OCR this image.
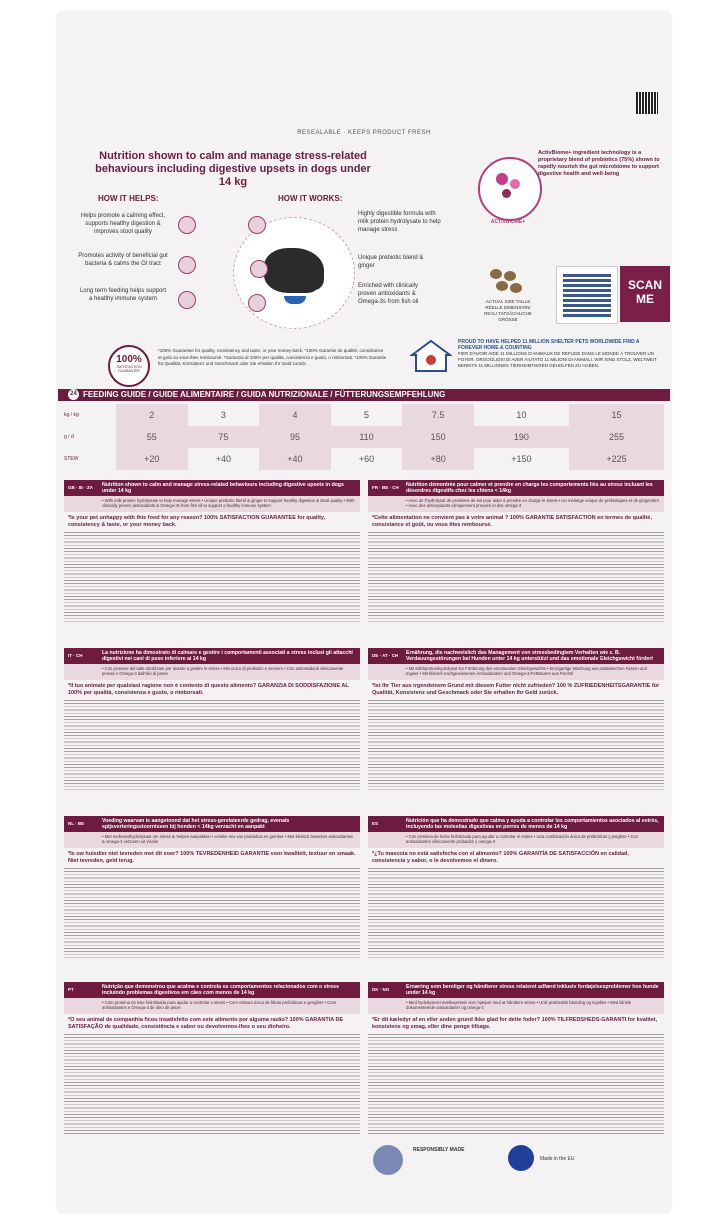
RESEALABLE · KEEPS PRODUCT FRESH
Nutrition shown to calm and manage stress-related behaviours including digestive upsets in dogs under 14 kg
HOW IT HELPS:
Helps promote a calming effect, supports healthy digestion & improves stool quality
Promotes activity of beneficial gut bacteria & calms the GI tract
Long term feeding helps support a healthy immune system
HOW IT WORKS:
Highly digestible formula with milk protein hydrolysate to help manage stress
Unique prebiotic blend & ginger
Enriched with clinically proven antioxidants & Omega-3s from fish oil
ACTIVBIOME+
ActivBiome+ ingredient technology is a proprietary blend of prebiotics (75%) shown to rapidly nourish the gut microbiome to support digestive health and well-being
ACTUAL SIZE TAILLE RÉELLE DIMENSIONI REALI TATSÄCHLICHE GRÖSSE
SCAN ME
100%
SATISFACTION GUARANTEE
*100% Guarantee for quality, consistency and taste, or your money back. *100% Garantie de qualité, consistance et goût ou vous êtes remboursé. *Garanzia al 100% per qualità, consistenza e gusto, o rimborsati. *100% Garantie für Qualität, Konsistenz und Geschmack oder Sie erhalten Ihr Geld zurück.
PROUD TO HAVE HELPED 11 MILLION SHELTER PETS WORLDWIDE FIND A FOREVER HOME & COUNTING
FIER D'AVOIR AIDÉ 11 MILLIONS D'ANIMAUX DE REFUGE DANS LE MONDE À TROUVER UN FOYER. ORGOGLIOSI DI AVER AIUTATO 11 MILIONI DI ANIMALI. WIR SIND STOLZ, WELTWEIT BEREITS 11 MILLIONEN TIERHEIMTIEREN GEHOLFEN ZU HABEN.
24 FEEDING GUIDE / GUIDE ALIMENTAIRE / GUIDA NUTRIZIONALE / FÜTTERUNGSEMPFEHLUNG
kg / kg	2	3	4	5	7.5	10	15
g / d	55	75	95	110	150	190	255
STEW	+20	+40	+40	+60	+80	+150	+225
GB · IE · ZA Nutrition shown to calm and manage stress-related behaviours including digestive upsets in dogs under 14 kg
• With milk protein hydrolysate to help manage stress • Unique prebiotic blend & ginger to support healthy digestion & stool quality • With clinically proven antioxidants & Omega-3s from fish oil to support a healthy immune system
*Is your pet unhappy with this food for any reason? 100% SATISFACTION GUARANTEE for quality, consistency & taste, or your money back.
FR · BE · CH Nutrition démontrée pour calmer et prendre en charge les comportements liés au stress incluant les désordres digestifs chez les chiens < 14kg
• Avec de l'hydrolysat de protéines de lait pour aider à prendre en charge le stress • Un mélange unique de prébiotiques et de gingembre • Avec des antioxydants cliniquement prouvés et des oméga-3
*Cette alimentation ne convient pas à votre animal ? 100% GARANTIE SATISFACTION en termes de qualité, consistance et goût, ou vous êtes remboursé.
IT · CH	La nutrizione ha dimostrato di calmare e gestire i comportamenti associati a stress inclusi gli attacchi digestivi nei cani di peso inferiore ai 14 kg
• Con proteine del latte idrolizzate per aiutare a gestire lo stress • Mix unico di prebiotici e zenzero • Con antiossidanti clinicamente provati e Omega-3 dall'olio di pesce
*Il tuo animale per qualsiasi ragione non è contento di questo alimento? GARANZIA DI SODDISFAZIONE AL 100% per qualità, consistenza e gusto, o rimborsati.
DE · AT · CH Ernährung, die nachweislich das Management von stressbedingtem Verhalten wie z. B. Verdauungsstörungen bei Hunden unter 14 kg unterstützt und das emotionale Gleichgewicht fördert
• Mit Milchproteinhydrolysat zur Förderung des emotionalen Gleichgewichts • Einzigartige Mischung aus präbiotischen Fasern und Ingwer • Mit klinisch nachgewiesenen Antioxidantien und Omega-3-Fettsäuren aus Fischöl
*Ist Ihr Tier aus irgendeinem Grund mit diesem Futter nicht zufrieden? 100 % ZUFRIEDENHEITSGARANTIE für Qualität, Konsistenz und Geschmack oder Sie erhalten Ihr Geld zurück.
NL · BE	Voeding waarvan is aangetoond dat het stress-gerelateerde gedrag, evenals spijsverteringsstoornissen bij honden < 14kg verzacht en aanpakt
• Met melkeiwithydrolysaat om stress te helpen aanpakken • Unieke mix van prebiotica en gember • Met klinisch bewezen antioxidanten & omega-3 vetzuren uit visolie
*Is uw huisdier niet tevreden met dit voer? 100% TEVREDENHEID GARANTIE voor kwaliteit, textuur en smaak. Niet tevreden, geld terug.
ES	Nutrición que ha demostrado que calma y ayuda a controlar los comportamientos asociados al estrés, incluyendo las molestias digestivas en perros de menos de 14 kg
• Con proteína de leche hidrolizada para ayudar a controlar el estrés • Una combinación única de prebióticos y jengibre • Con antioxidantes clínicamente probados y omega-3
*¿Tu mascota no está satisfecha con el alimento? 100% GARANTÍA DE SATISFACCIÓN en calidad, consistencia y sabor, o le devolvemos el dinero.
PT	Nutrição que demonstrou que acalma e controla os comportamentos relacionados com o stress incluindo problemas digestivos em cães com menos de 14 kg
• Com proteína do leite hidrolisada para ajudar a controlar o stress • Com mistura única de fibras prebióticas e gengibre • Com antioxidantes e Ómega-3 de óleo de peixe
*O seu animal de companhia ficou insatisfeito com este alimento por alguma razão? 100% GARANTIA DE SATISFAÇÃO de qualidade, consistência e sabor ou devolvemos-lhes o seu dinheiro.
DK · NO	Ernæring som beroliger og håndterer stress relateret adfærd inklusiv fordøjelsesproblemer hos hunde under 14 kg
• Med hydrolyseret mælkeprotein som hjælper med at håndtere stress • Unik præbiotisk blanding og ingefær • Med klinisk dokumenterede antioxidanter og omega-3
*Er dit kæledyr af en eller anden grund ikke glad for dette foder? 100% TILFREDSHEDS-GARANTI for kvalitet, konsistens og smag, eller dine penge tilbage.
RESPONSIBLY MADE
Made in the EU
